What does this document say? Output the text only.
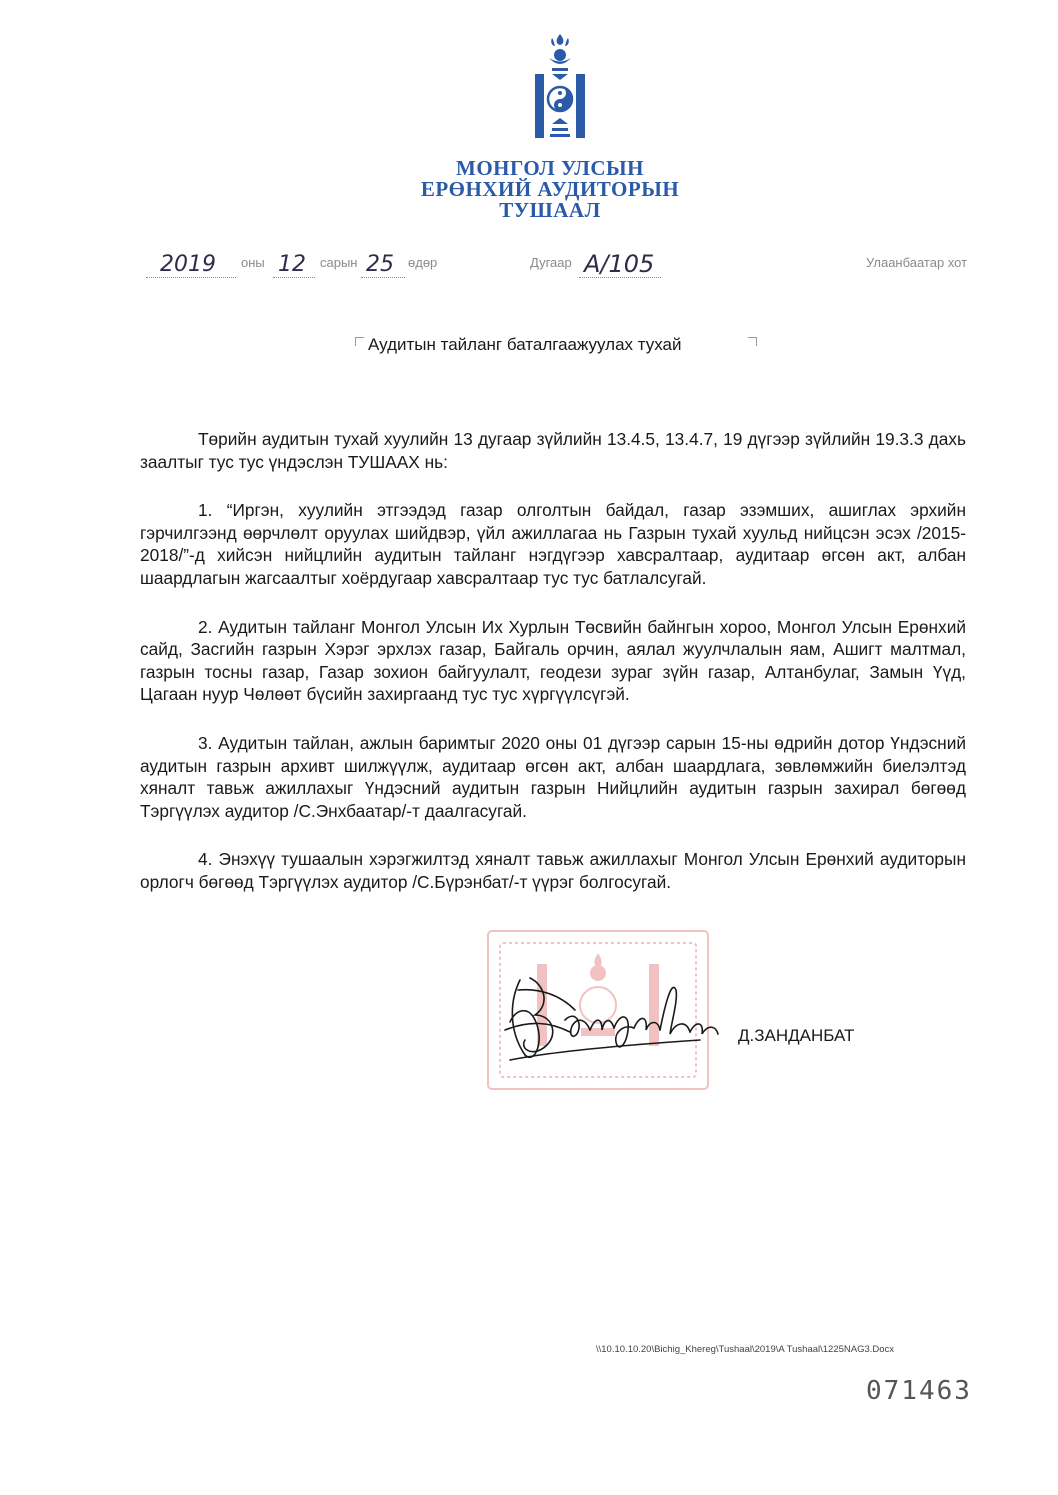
МОНГОЛ УЛСЫН
ЕРӨНХИЙ АУДИТОРЫН
ТУШААЛ
2019 оны 12 сарын 25 өдөр	Дугаар А/105	Улаанбаатар хот
Аудитын тайланг баталгаажуулах тухай

Төрийн аудитын тухай хуулийн 13 дугаар зүйлийн 13.4.5, 13.4.7, 19 дүгээр зүйлийн 19.3.3 дахь заалтыг тус тус үндэслэн ТУШААХ нь:

1. “Иргэн, хуулийн этгээдэд газар олголтын байдал, газар эзэмших, ашиглах эрхийн гэрчилгээнд өөрчлөлт оруулах шийдвэр, үйл ажиллагаа нь Газрын тухай хуульд нийцсэн эсэх /2015-2018/”-д хийсэн нийцлийн аудитын тайланг нэгдүгээр хавсралтаар, аудитаар өгсөн акт, албан шаардлагын жагсаалтыг хоёрдугаар хавсралтаар тус тус батлалсугай.

2. Аудитын тайланг Монгол Улсын Их Хурлын Төсвийн байнгын хороо, Монгол Улсын Ерөнхий сайд, Засгийн газрын Хэрэг эрхлэх газар, Байгаль орчин, аялал жуулчлалын яам, Ашигт малтмал, газрын тосны газар, Газар зохион байгуулалт, геодези зураг зүйн газар, Алтанбулаг, Замын Үүд, Цагаан нуур Чөлөөт бүсийн захиргаанд тус тус хүргүүлсүгэй.

3. Аудитын тайлан, ажлын баримтыг 2020 оны 01 дүгээр сарын 15-ны өдрийн дотор Үндэсний аудитын газрын архивт шилжүүлж, аудитаар өгсөн акт, албан шаардлага, зөвлөмжийн биелэлтэд хяналт тавьж ажиллахыг Үндэсний аудитын газрын Нийцлийн аудитын газрын захирал бөгөөд Тэргүүлэх аудитор /С.Энхбаатар/-т даалгасугай.

4. Энэхүү тушаалын хэрэгжилтэд хяналт тавьж ажиллахыг Монгол Улсын Ерөнхий аудиторын орлогч бөгөөд Тэргүүлэх аудитор /С.Бүрэнбат/-т үүрэг болгосугай.

Д.ЗАНДАНБАТ
\\10.10.10.20\Bichig_Khereg\Tushaal\2019\A Tushaal\1225NAG3.Docx
071463
